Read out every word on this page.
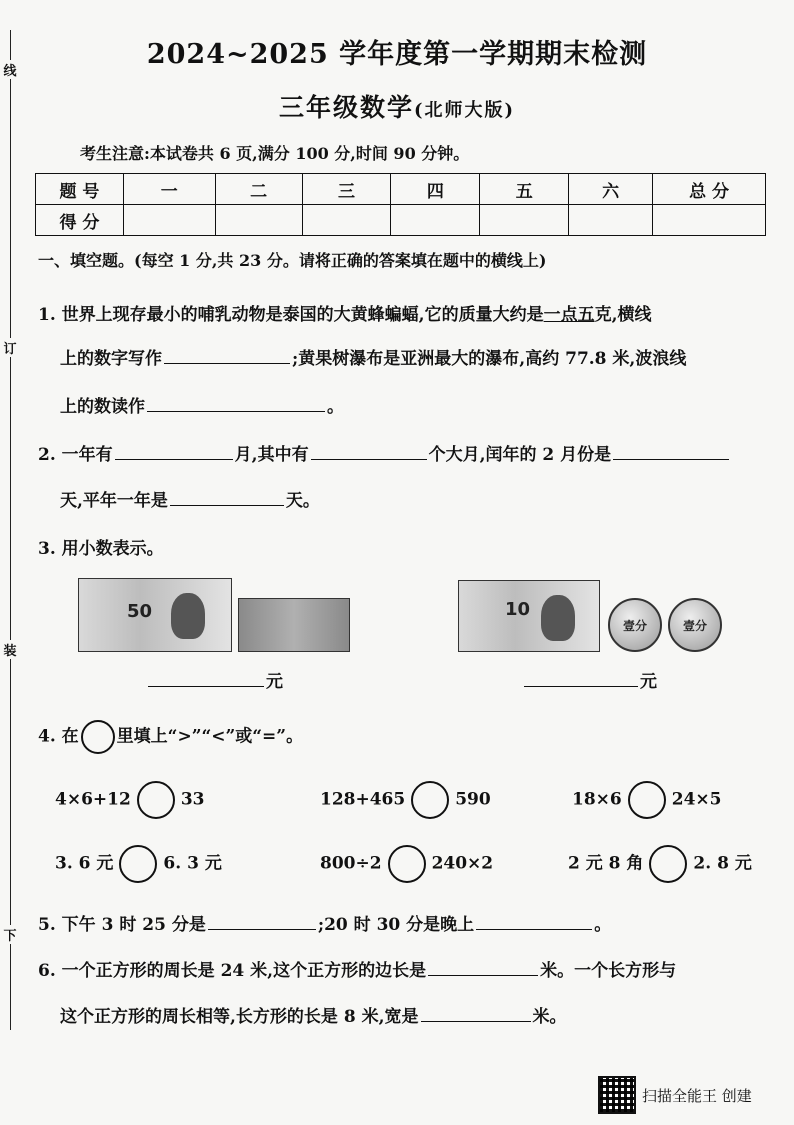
线
订
装
下
2024~2025 学年度第一学期期末检测
三年级数学(北师大版)
考生注意:本试卷共 6 页,满分 100 分,时间 90 分钟。
题 号	一	二	三	四	五	六	总 分
得 分							
一、填空题。(每空 1 分,共 23 分。请将正确的答案填在题中的横线上)
1. 世界上现存最小的哺乳动物是泰国的大黄蜂蝙蝠,它的质量大约是一点五克,横线
上的数字写作	;黄果树瀑布是亚洲最大的瀑布,高约 77.8 米,波浪线
上的数读作	。
2. 一年有	月,其中有	个大月,闰年的 2 月份是
天,平年一年是	天。
3. 用小数表示。
50
元
10
壹分	壹分
元
4. 在 里填上“>”“<”或“=”。
4×6+12	33	128+465	590	18×6	24×5
3. 6 元	6. 3 元	800÷2	240×2	2 元 8 角	2. 8 元
5. 下午 3 时 25 分是	;20 时 30 分是晚上	。
6. 一个正方形的周长是 24 米,这个正方形的边长是	米。一个长方形与
这个正方形的周长相等,长方形的长是 8 米,宽是	米。
扫描全能王 创建
